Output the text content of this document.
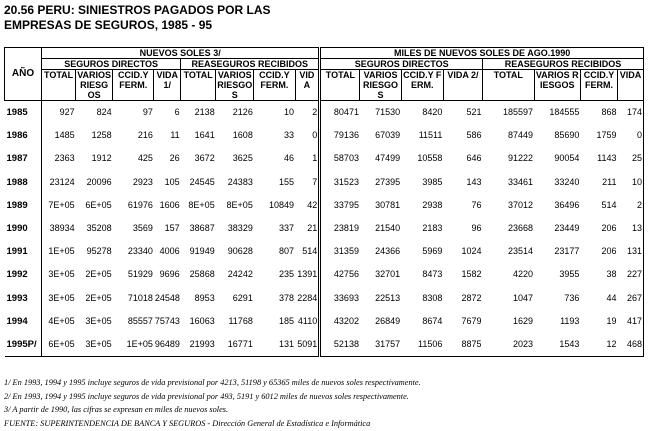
20.56 PERU: SINIESTROS PAGADOS POR LAS
EMPRESAS DE SEGUROS, 1985 - 95
AÑO	NUEVOS SOLES 3/								MILES DE NUEVOS SOLES DE AGO.1990							
	SEGUROS DIRECTOS				REASEGUROS RECIBIDOS				SEGUROS DIRECTOS				REASEGUROS RECIBIDOS			
	TOTAL	VARIOS RIESGOS	CCID.Y FERM.	VIDA 1/	TOTAL	VARIOS RIESGOS	CCID.Y FERM.	VIDA	TOTAL	VARIOS RIESGOS	CCID.Y FERM.	VIDA 2/	TOTAL	VARIOS RIESGOS	CCID.Y FERM.	VIDA
1985	927	824	97	6	2138	2126	10	2	80471	71530	8420	521	185597	184555	868	174
1986	1485	1258	216	11	1641	1608	33	0	79136	67039	11511	586	87449	85690	1759	0
1987	2363	1912	425	26	3672	3625	46	1	58703	47499	10558	646	91222	90054	1143	25
1988	23124	20096	2923	105	24545	24383	155	7	31523	27395	3985	143	33461	33240	211	10
1989	7E+05	6E+05	61976	1606	8E+05	8E+05	10849	42	33795	30781	2938	76	37012	36496	514	2
1990	38934	35208	3569	157	38687	38329	337	21	23819	21540	2183	96	23668	23449	206	13
1991	1E+05	95278	23340	4006	91949	90628	807	514	31359	24366	5969	1024	23514	23177	206	131
1992	3E+05	2E+05	51929	9696	25868	24242	235	1391	42756	32701	8473	1582	4220	3955	38	227
1993	3E+05	2E+05	71018	24548	8953	6291	378	2284	33693	22513	8308	2872	1047	736	44	267
1994	4E+05	3E+05	85557	75743	16063	11768	185	4110	43202	26849	8674	7679	1629	1193	19	417
1995P/	6E+05	3E+05	1E+05	96489	21993	16771	131	5091	52138	31757	11506	8875	2023	1543	12	468
1/ En 1993, 1994 y 1995 incluye seguros de vida previsional por 4213, 51198 y 65365 miles de nuevos soles respectivamente.
2/ En 1993, 1994 y 1995 incluye seguros de vida previsional por 493, 5191 y 6012 miles de nuevos soles respectivamente.
3/ A partir de 1990, las cifras se expresan en miles de nuevos soles.
FUENTE: SUPERINTENDENCIA DE BANCA Y SEGUROS - Dirección General de Estadística e Informática
